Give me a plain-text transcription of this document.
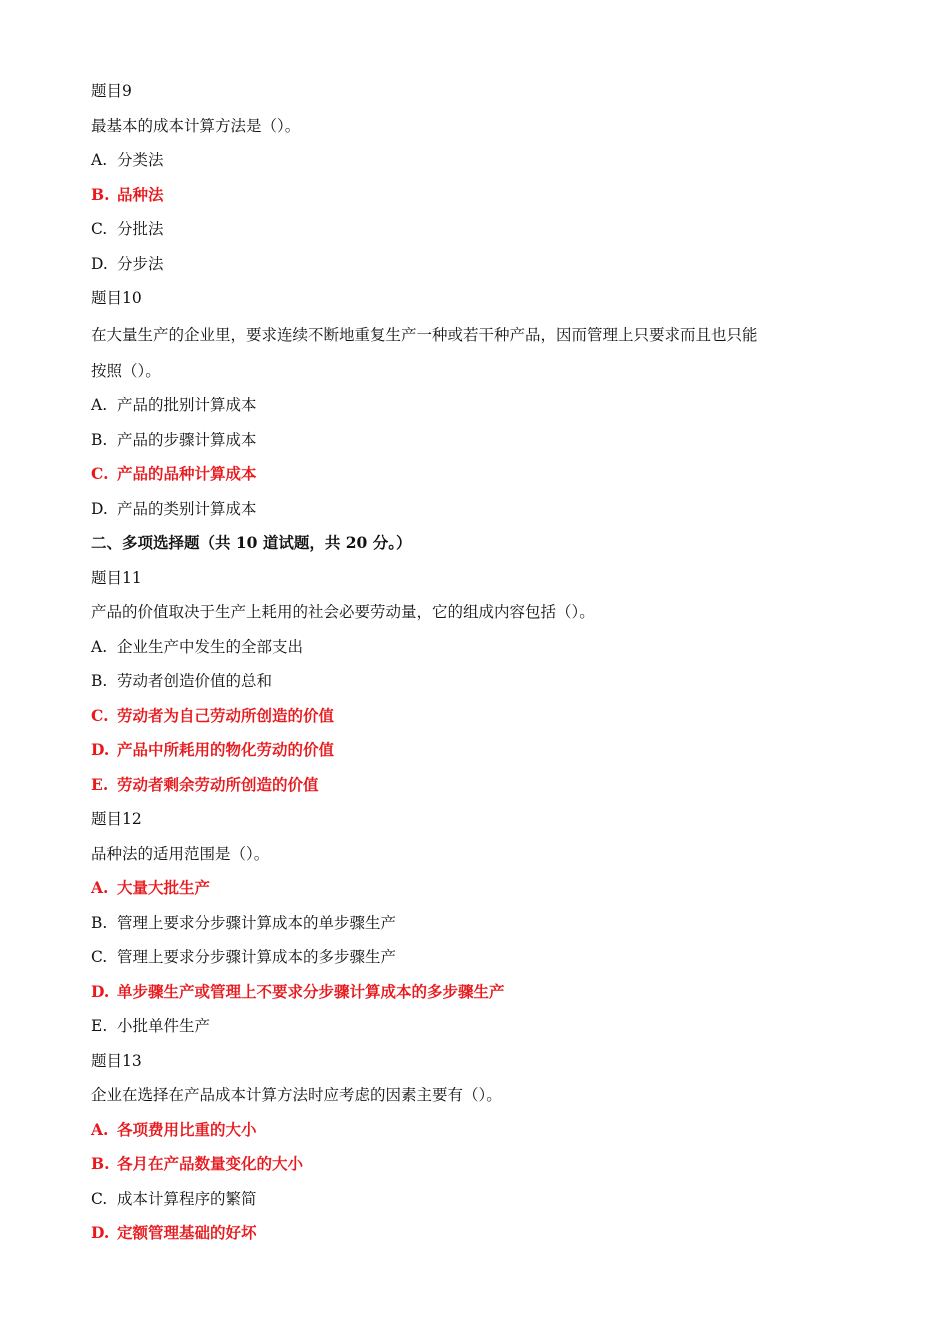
题目9
最基本的成本计算方法是（）。
A. 分类法
B. 品种法
C. 分批法
D. 分步法
题目10
在大量生产的企业里，要求连续不断地重复生产一种或若干种产品，因而管理上只要求而且也只能
按照（）。
A. 产品的批别计算成本
B. 产品的步骤计算成本
C. 产品的品种计算成本
D. 产品的类别计算成本
二、多项选择题（共 10 道试题，共 20 分。）
题目11
产品的价值取决于生产上耗用的社会必要劳动量，它的组成内容包括（）。
A. 企业生产中发生的全部支出
B. 劳动者创造价值的总和
C. 劳动者为自己劳动所创造的价值
D. 产品中所耗用的物化劳动的价值
E. 劳动者剩余劳动所创造的价值
题目12
品种法的适用范围是（）。
A. 大量大批生产
B. 管理上要求分步骤计算成本的单步骤生产
C. 管理上要求分步骤计算成本的多步骤生产
D. 单步骤生产或管理上不要求分步骤计算成本的多步骤生产
E. 小批单件生产
题目13
企业在选择在产品成本计算方法时应考虑的因素主要有（）。
A. 各项费用比重的大小
B. 各月在产品数量变化的大小
C. 成本计算程序的繁简
D. 定额管理基础的好坏
